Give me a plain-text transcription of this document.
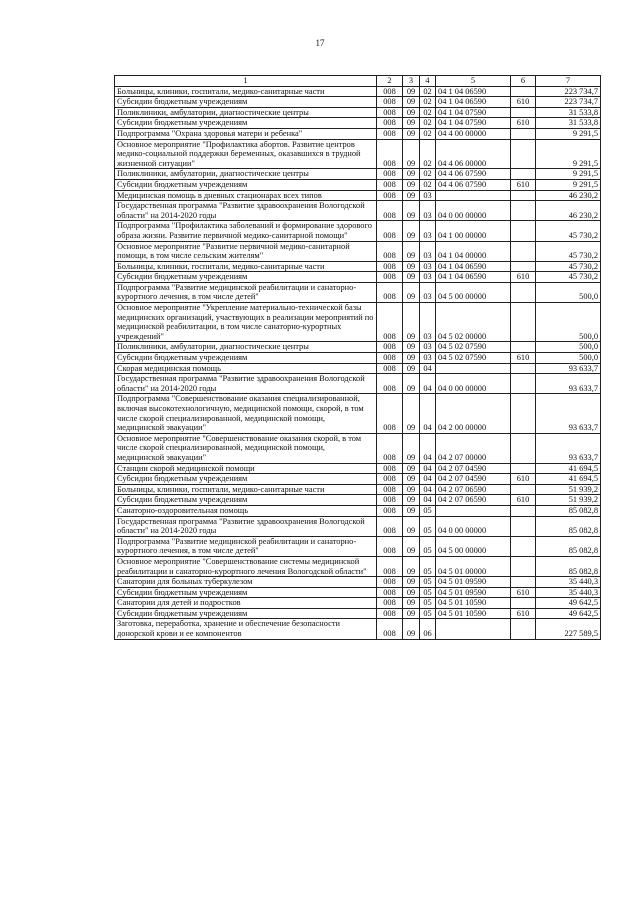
17
1	2	3	4	5	6	7
Больницы, клиники, госпитали, медико-санитарные части	008	09	02	04 1 04 06590		223 734,7
Субсидии бюджетным учреждениям	008	09	02	04 1 04 06590	610	223 734,7
Поликлиники, амбулатории, диагностические центры	008	09	02	04 1 04 07590		31 533,8
Субсидии бюджетным учреждениям	008	09	02	04 1 04 07590	610	31 533,8
Подпрограмма "Охрана здоровья матери и ребенка"	008	09	02	04 4 00 00000		9 291,5
Основное мероприятие "Профилактика абортов. Развитие центров медико-социальной поддержки беременных, оказавшихся в трудной жизненной ситуации"	008	09	02	04 4 06 00000		9 291,5
Поликлиники, амбулатории, диагностические центры	008	09	02	04 4 06 07590		9 291,5
Субсидии бюджетным учреждениям	008	09	02	04 4 06 07590	610	9 291,5
Медицинская помощь в дневных стационарах всех типов	008	09	03			46 230,2
Государственная программа "Развитие здравоохранения Вологодской области" на 2014-2020 годы	008	09	03	04 0 00 00000		46 230,2
Подпрограмма "Профилактика заболеваний и формирование здорового образа жизни. Развитие первичной медико-санитарной помощи"	008	09	03	04 1 00 00000		45 730,2
Основное мероприятие "Развитие первичной медико-санитарной помощи, в том числе сельским жителям"	008	09	03	04 1 04 00000		45 730,2
Больницы, клиники, госпитали, медико-санитарные части	008	09	03	04 1 04 06590		45 730,2
Субсидии бюджетным учреждениям	008	09	03	04 1 04 06590	610	45 730,2
Подпрограмма "Развитие медицинской реабилитации и санаторно-курортного лечения, в том числе детей"	008	09	03	04 5 00 00000		500,0
Основное мероприятие "Укрепление материально-технической базы медицинских организаций, участвующих в реализации мероприятий по медицинской реабилитации, в том числе санаторно-курортных учреждений"	008	09	03	04 5 02 00000		500,0
Поликлиники, амбулатории, диагностические центры	008	09	03	04 5 02 07590		500,0
Субсидии бюджетным учреждениям	008	09	03	04 5 02 07590	610	500,0
Скорая медицинская помощь	008	09	04			93 633,7
Государственная программа "Развитие здравоохранения Вологодской области" на 2014-2020 годы	008	09	04	04 0 00 00000		93 633,7
Подпрограмма "Совершенствование оказания специализированной, включая высокотехнологичную, медицинской помощи, скорой, в том числе скорой специализированной, медицинской помощи, медицинской эвакуации"	008	09	04	04 2 00 00000		93 633,7
Основное мероприятие "Совершенствование оказания скорой, в том числе скорой специализированной, медицинской помощи, медицинской эвакуации"	008	09	04	04 2 07 00000		93 633,7
Станции скорой медицинской помощи	008	09	04	04 2 07 04590		41 694,5
Субсидии бюджетным учреждениям	008	09	04	04 2 07 04590	610	41 694,5
Больницы, клиники, госпитали, медико-санитарные части	008	09	04	04 2 07 06590		51 939,2
Субсидии бюджетным учреждениям	008	09	04	04 2 07 06590	610	51 939,2
Санаторно-оздоровительная помощь	008	09	05			85 082,8
Государственная программа "Развитие здравоохранения Вологодской области" на 2014-2020 годы	008	09	05	04 0 00 00000		85 082,8
Подпрограмма "Развитие медицинской реабилитации и санаторно-курортного лечения, в том числе детей"	008	09	05	04 5 00 00000		85 082,8
Основное мероприятие "Совершенствование системы медицинской реабилитации и санаторно-курортного лечения Вологодской области"	008	09	05	04 5 01 00000		85 082,8
Санатории для больных туберкулезом	008	09	05	04 5 01 09590		35 440,3
Субсидии бюджетным учреждениям	008	09	05	04 5 01 09590	610	35 440,3
Санатории для детей и подростков	008	09	05	04 5 01 10590		49 642,5
Субсидии бюджетным учреждениям	008	09	05	04 5 01 10590	610	49 642,5
Заготовка, переработка, хранение и обеспечение безопасности донорской крови и ее компонентов	008	09	06			227 589,5
